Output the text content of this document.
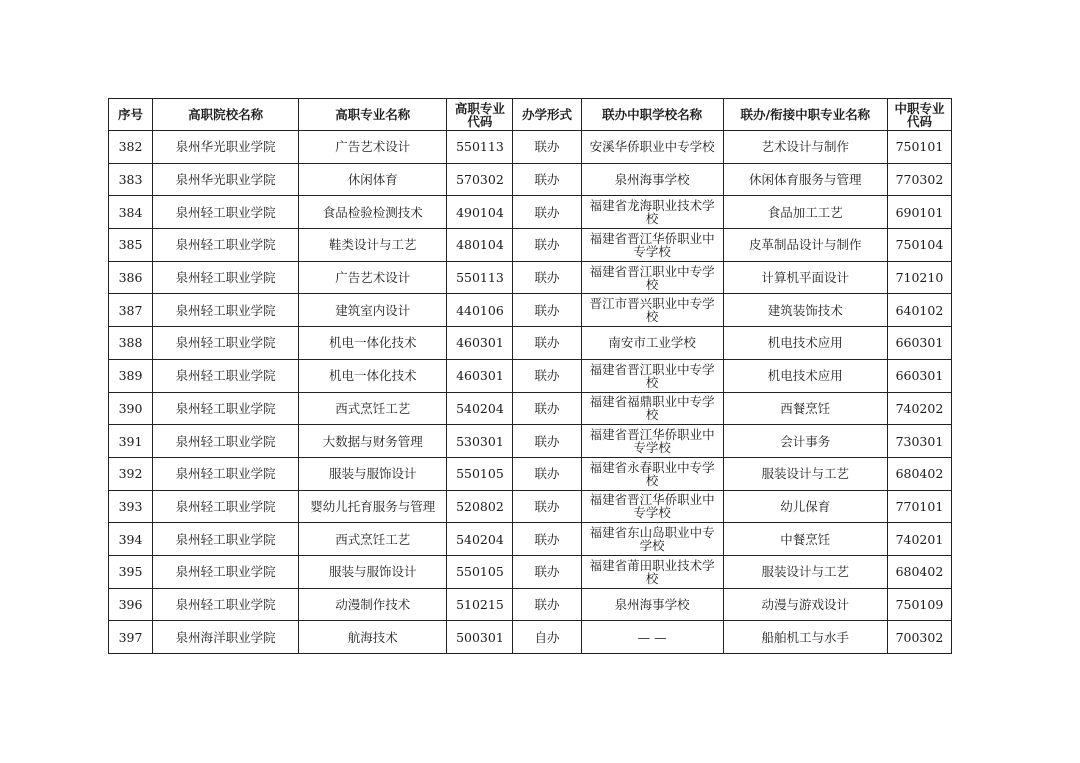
序号	高职院校名称	高职专业名称	高职专业代码	办学形式	联办中职学校名称	联办/衔接中职专业名称	中职专业代码
382	泉州华光职业学院	广告艺术设计	550113	联办	安溪华侨职业中专学校	艺术设计与制作	750101
383	泉州华光职业学院	休闲体育	570302	联办	泉州海事学校	休闲体育服务与管理	770302
384	泉州轻工职业学院	食品检验检测技术	490104	联办	福建省龙海职业技术学校	食品加工工艺	690101
385	泉州轻工职业学院	鞋类设计与工艺	480104	联办	福建省晋江华侨职业中专学校	皮革制品设计与制作	750104
386	泉州轻工职业学院	广告艺术设计	550113	联办	福建省晋江职业中专学校	计算机平面设计	710210
387	泉州轻工职业学院	建筑室内设计	440106	联办	晋江市晋兴职业中专学校	建筑装饰技术	640102
388	泉州轻工职业学院	机电一体化技术	460301	联办	南安市工业学校	机电技术应用	660301
389	泉州轻工职业学院	机电一体化技术	460301	联办	福建省晋江职业中专学校	机电技术应用	660301
390	泉州轻工职业学院	西式烹饪工艺	540204	联办	福建省福鼎职业中专学校	西餐烹饪	740202
391	泉州轻工职业学院	大数据与财务管理	530301	联办	福建省晋江华侨职业中专学校	会计事务	730301
392	泉州轻工职业学院	服装与服饰设计	550105	联办	福建省永春职业中专学校	服装设计与工艺	680402
393	泉州轻工职业学院	婴幼儿托育服务与管理	520802	联办	福建省晋江华侨职业中专学校	幼儿保育	770101
394	泉州轻工职业学院	西式烹饪工艺	540204	联办	福建省东山岛职业中专学校	中餐烹饪	740201
395	泉州轻工职业学院	服装与服饰设计	550105	联办	福建省莆田职业技术学校	服装设计与工艺	680402
396	泉州轻工职业学院	动漫制作技术	510215	联办	泉州海事学校	动漫与游戏设计	750109
397	泉州海洋职业学院	航海技术	500301	自办	— —	船舶机工与水手	700302
